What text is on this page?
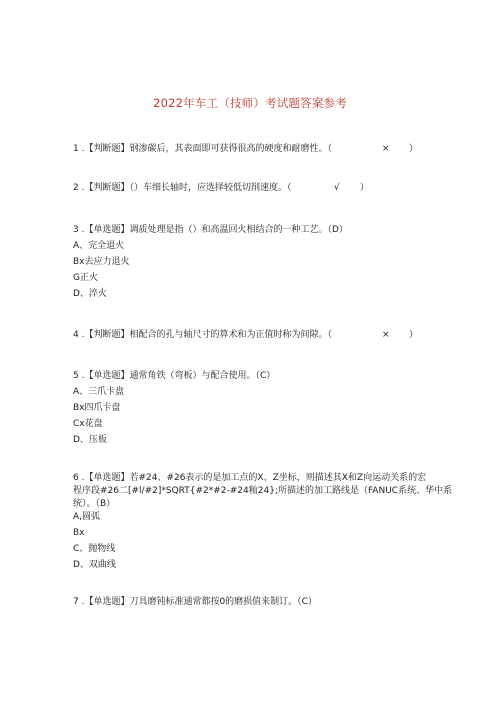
2022年车工（技师）考试题答案参考
1 .【判断题】钢渗碳后，其表面即可获得很高的硬度和耐磨性。（	× ）
2 .【判断题】（）车细长轴时，应选择较低切削速度。（	√ ）
3 .【单选题】调质处理是指（）和高温回火相结合的一种工艺。（D）
A、完全退火
Bx去应力退火
G正火
D、淬火
4 .【判断题】相配合的孔与轴尺寸的算术和为正值时称为间隙。（	× ）
5 .【单选题】通常角铁（弯板）与配合使用。（C）
A、三爪卡盘
Bx四爪卡盘
Cx花盘
D、压板
6 .【单选题】若#24、#26表示的是加工点的X、Z坐标，则描述其X和Z向运动关系的宏
程序段#26二[#l/#2]*SQRT{#2*#2-#24籼24};所描述的加工路线是（FANUC系统、华中系
统）。（B）
A,圆弧
Bx
C、抛物线
D、双曲线
7 .【单选题】刀具磨钝标准通常都按0的磨损值来制订。（C）
